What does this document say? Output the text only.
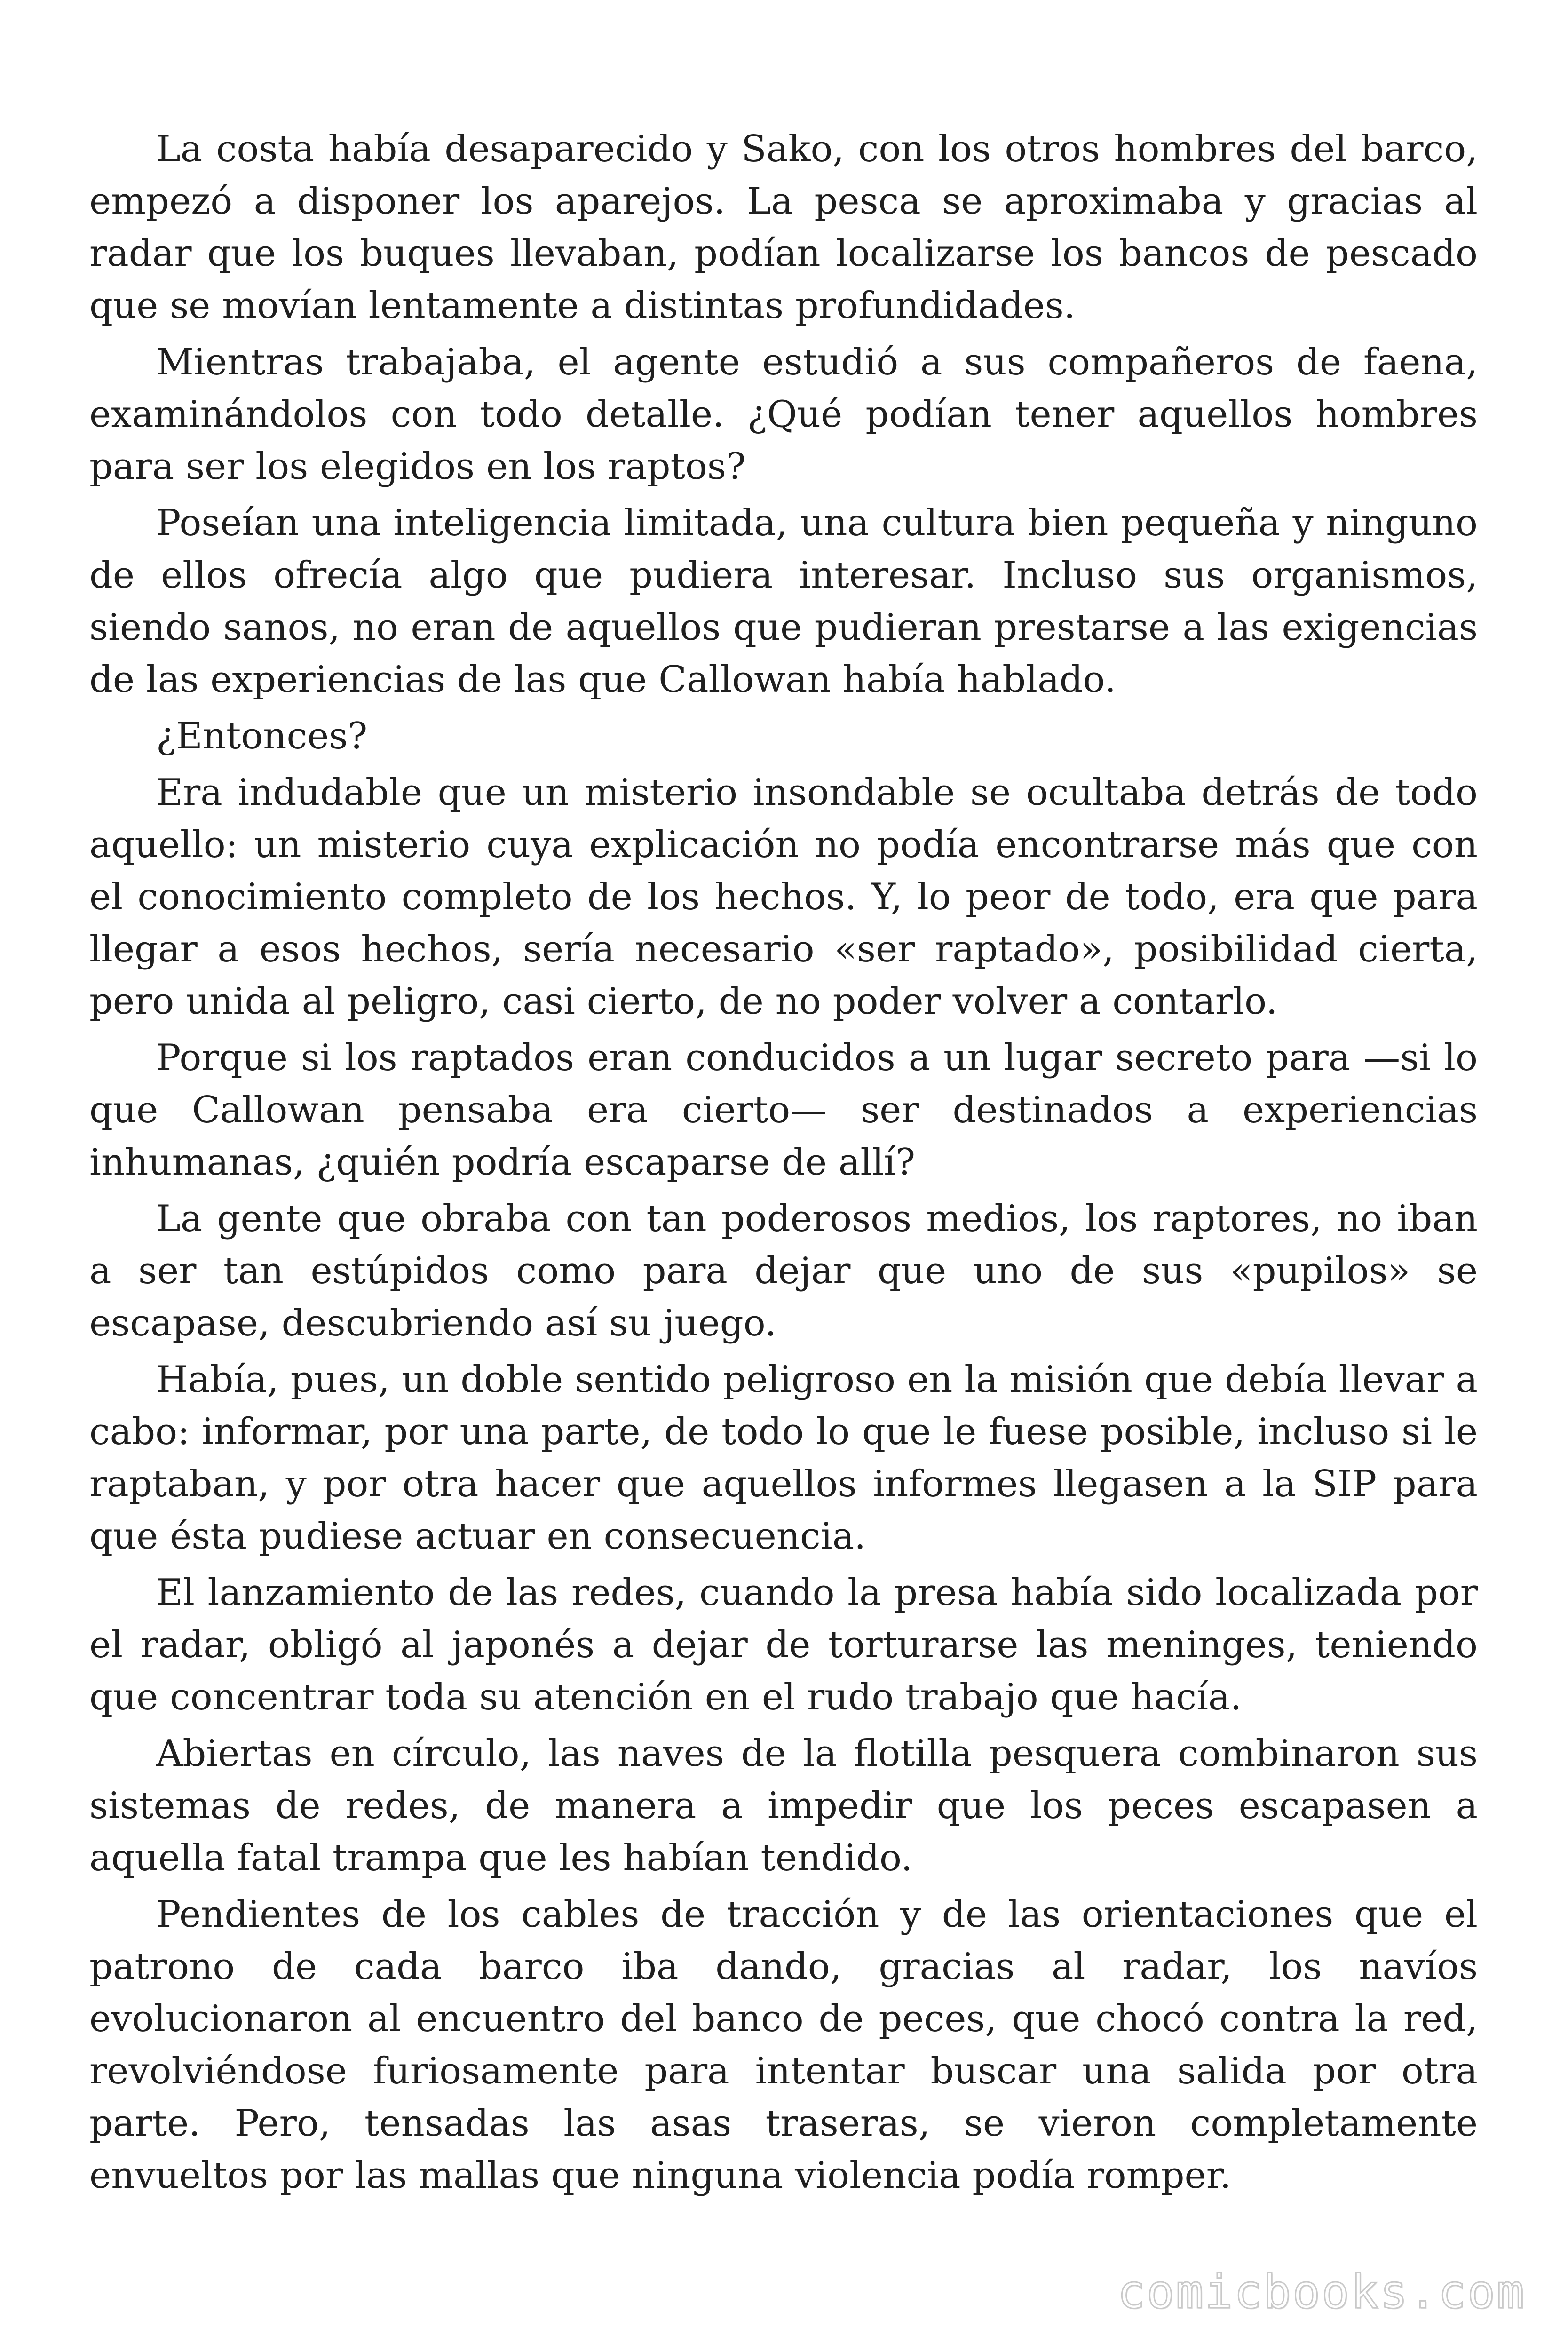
La costa había desaparecido y Sako, con los otros hombres del barco, empezó a disponer los aparejos. La pesca se aproximaba y gracias al radar que los buques llevaban, podían localizarse los bancos de pescado que se movían lentamente a distintas profundidades.

Mientras trabajaba, el agente estudió a sus compañeros de faena, examinándolos con todo detalle. ¿Qué podían tener aquellos hombres para ser los elegidos en los raptos?

Poseían una inteligencia limitada, una cultura bien pequeña y ninguno de ellos ofrecía algo que pudiera interesar. Incluso sus organismos, siendo sanos, no eran de aquellos que pudieran prestarse a las exigencias de las experiencias de las que Callowan había hablado.

¿Entonces?

Era indudable que un misterio insondable se ocultaba detrás de todo aquello: un misterio cuya explicación no podía encontrarse más que con el conocimiento completo de los hechos. Y, lo peor de todo, era que para llegar a esos hechos, sería necesario «ser raptado», posibilidad cierta, pero unida al peligro, casi cierto, de no poder volver a contarlo.

Porque si los raptados eran conducidos a un lugar secreto para —si lo que Callowan pensaba era cierto— ser destinados a experiencias inhumanas, ¿quién podría escaparse de allí?

La gente que obraba con tan poderosos medios, los raptores, no iban a ser tan estúpidos como para dejar que uno de sus «pupilos» se escapase, descubriendo así su juego.

Había, pues, un doble sentido peligroso en la misión que debía llevar a cabo: informar, por una parte, de todo lo que le fuese posible, incluso si le raptaban, y por otra hacer que aquellos informes llegasen a la SIP para que ésta pudiese actuar en consecuencia.

El lanzamiento de las redes, cuando la presa había sido localizada por el radar, obligó al japonés a dejar de torturarse las meninges, teniendo que concentrar toda su atención en el rudo trabajo que hacía.

Abiertas en círculo, las naves de la flotilla pesquera combinaron sus sistemas de redes, de manera a impedir que los peces escapasen a aquella fatal trampa que les habían tendido.

Pendientes de los cables de tracción y de las orientaciones que el patrono de cada barco iba dando, gracias al radar, los navíos evolucionaron al encuentro del banco de peces, que chocó contra la red, revolviéndose furiosamente para intentar buscar una salida por otra parte. Pero, tensadas las asas traseras, se vieron completamente envueltos por las mallas que ninguna violencia podía romper.

comicbooks.com
